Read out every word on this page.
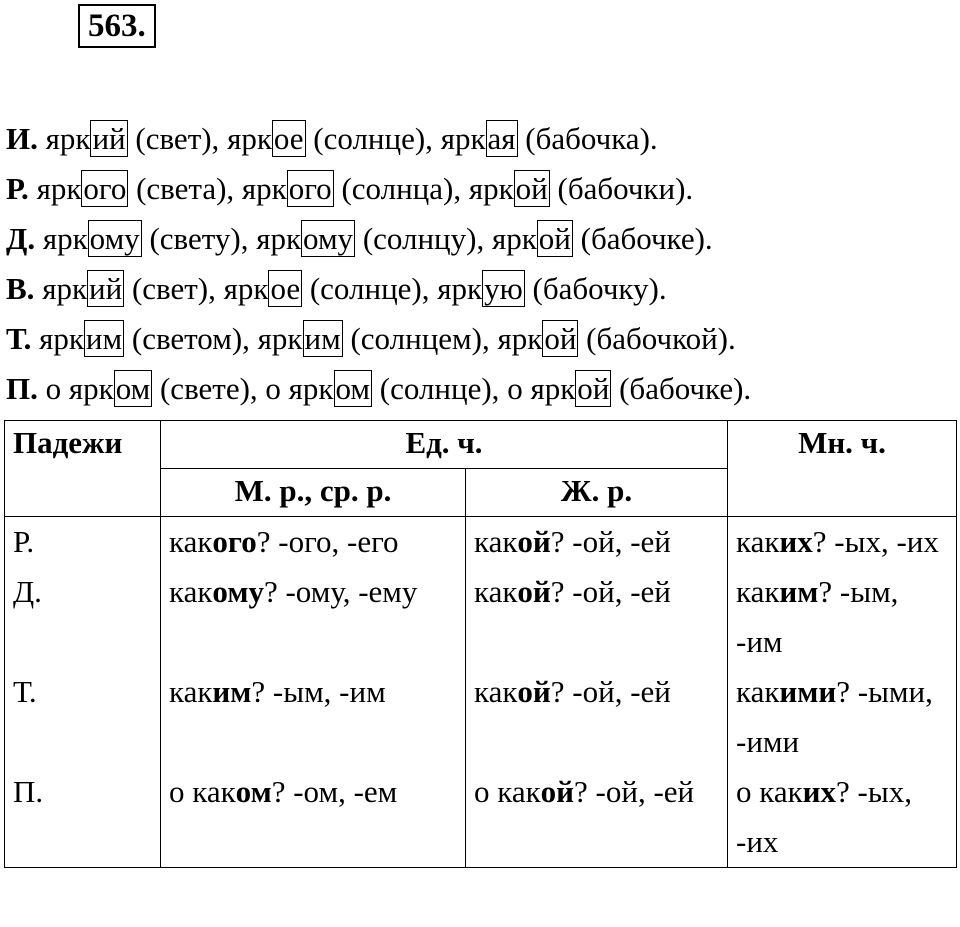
563.
И. яркий (свет), яркое (солнце), яркая (бабочка).
Р. яркого (света), яркого (солнца), яркой (бабочки).
Д. яркому (свету), яркому (солнцу), яркой (бабочке).
В. яркий (свет), яркое (солнце), яркую (бабочку).
Т. ярким (светом), ярким (солнцем), яркой (бабочкой).
П. о ярком (свете), о ярком (солнце), о яркой (бабочке).
Падежи	Ед. ч.		Мн. ч.
	М. р., ср. р.	Ж. р.	
Р.	какого? -ого, -его	какой? -ой, -ей	каких? -ых, -их
Д.	какому? -ому, -ему	какой? -ой, -ей	каким? -ым, -им
Т.	каким? -ым, -им	какой? -ой, -ей	какими? -ыми, -ими
П.	о каком? -ом, -ем	о какой? -ой, -ей	о каких? -ых, -их
